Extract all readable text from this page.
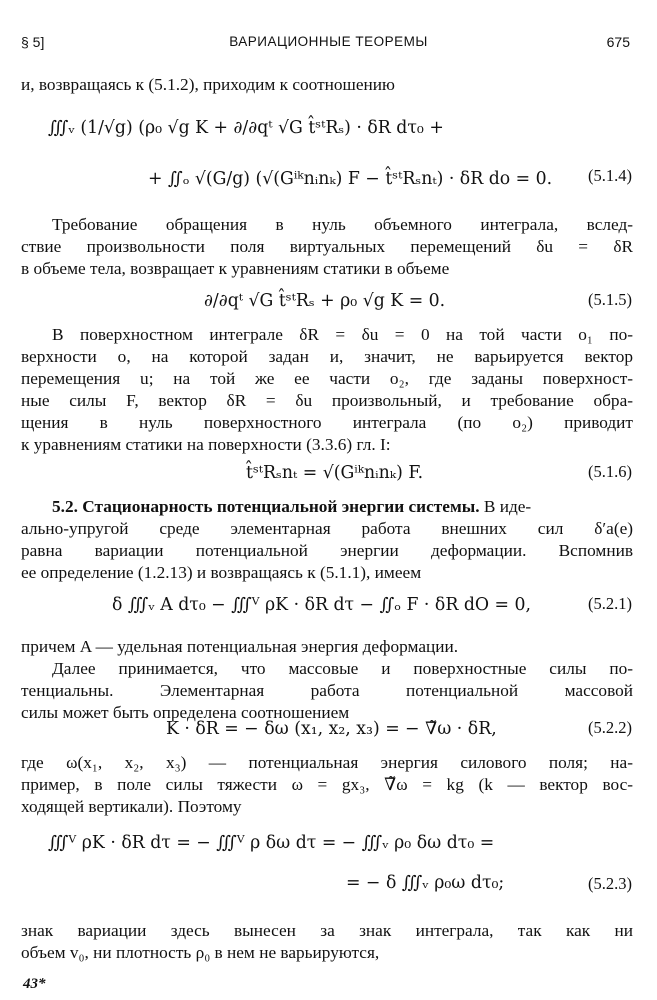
§ 5]	ВАРИАЦИОННЫЕ ТЕОРЕМЫ	675
и, возвращаясь к (5.1.2), приходим к соотношению
∭ᵥ (1/√g) (ρ₀ √g K + ∂/∂qᵗ √G t̂ˢᵗRₛ) · δR dτ₀ +
+ ∬ₒ √(G/g) (√(Gⁱᵏnᵢnₖ) F − t̂ˢᵗRₛnₜ) · δR do = 0. (5.1.4)
Требование обращения в нуль объемного интеграла, вслед-
ствие произвольности поля виртуальных перемещений δu = δR
в объеме тела, возвращает к уравнениям статики в объеме
∂/∂qᵗ √G t̂ˢᵗRₛ + ρ₀ √g K = 0.	(5.1.5)
В поверхностном интеграле δR = δu = 0 на той части o₁ по-
верхности o, на которой задан и, значит, не варьируется вектор
перемещения u; на той же ее части o₂, где заданы поверхност-
ные силы F, вектор δR = δu произвольный, и требование обра-
щения в нуль поверхностного интеграла (по o₂) приводит
к уравнениям статики на поверхности (3.3.6) гл. I:
t̂ˢᵗRₛnₜ = √(Gⁱᵏnᵢnₖ) F.	(5.1.6)
5.2. Стационарность потенциальной энергии системы. В иде-
ально-упругой среде элементарная работа внешних сил δ′a(e)
равна вариации потенциальной энергии деформации. Вспомнив
ее определение (1.2.13) и возвращаясь к (5.1.1), имеем
δ ∭ᵥ A dτ₀ − ∭ⱽ ρK · δR dτ − ∬ₒ F · δR dO = 0,	(5.2.1)
причем A — удельная потенциальная энергия деформации.
Далее принимается, что массовые и поверхностные силы по-
тенциальны. Элементарная работа потенциальной массовой
силы может быть определена соотношением
K · δR = − δω (x₁, x₂, x₃) = − ∇̃ω · δR,	(5.2.2)
где ω(x₁, x₂, x₃) — потенциальная энергия силового поля; на-
пример, в поле силы тяжести ω = gx₃, ∇̃ω = kg (k — вектор вос-
ходящей вертикали). Поэтому
∭ⱽ ρK · δR dτ = − ∭ⱽ ρ δω dτ = − ∭ᵥ ρ₀ δω dτ₀ =
= − δ ∭ᵥ ρ₀ω dτ₀;	(5.2.3)
знак вариации здесь вынесен за знак интеграла, так как ни
объем v₀, ни плотность ρ₀ в нем не варьируются,
43*
